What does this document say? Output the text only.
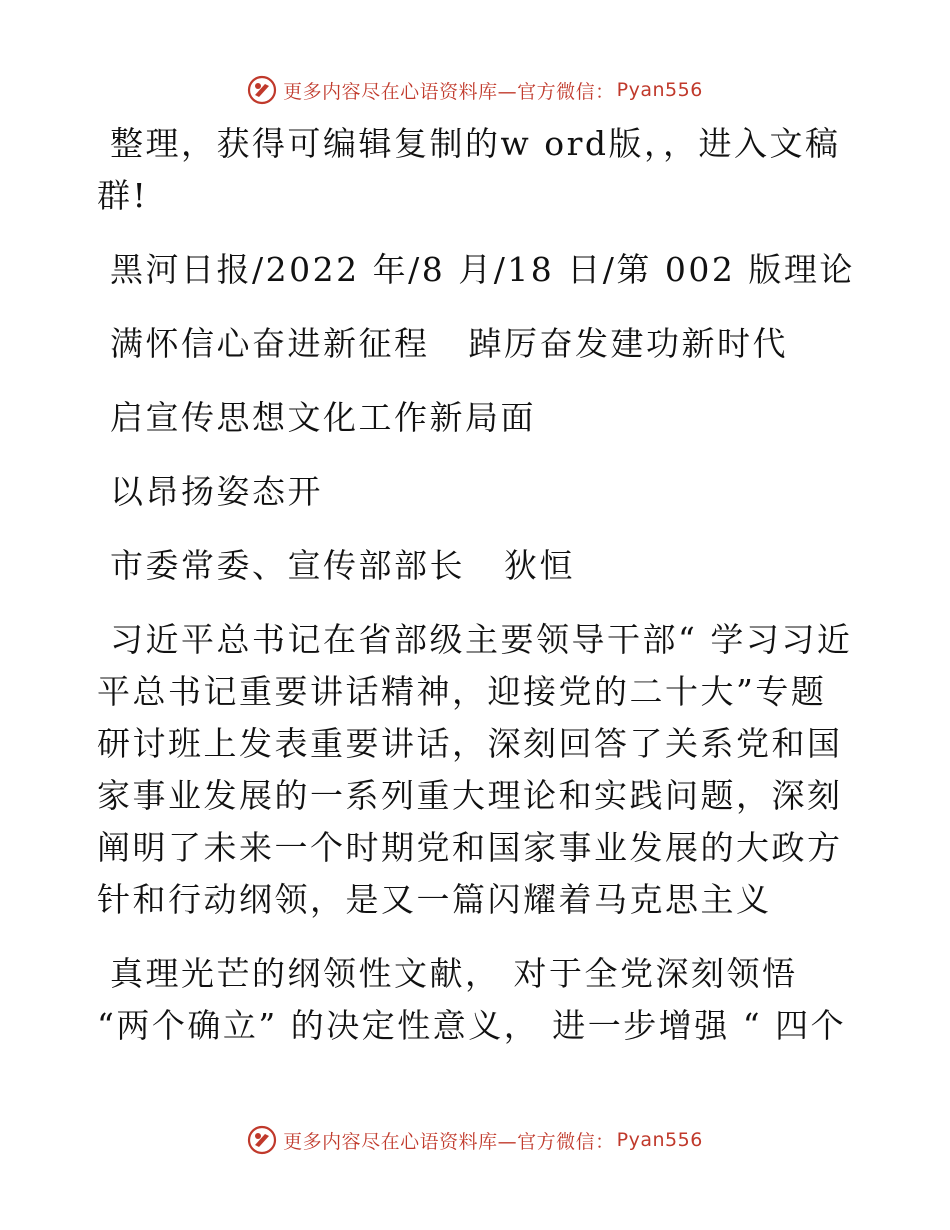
更多内容尽在心语资料库—官方微信： Pyan556

整理，获得可编辑复制的w ord版，，进入文稿群!

黑河日报/2022 年/8 月/18 日/第 002 版理论

满怀信心奋进新征程   踔厉奋发建功新时代

启宣传思想文化工作新局面

以昂扬姿态开

市委常委、宣传部部长   狄恒

习近平总书记在省部级主要领导干部“ 学习习近平总书记重要讲话精神，迎接党的二十大”专题研讨班上发表重要讲话，深刻回答了关系党和国家事业发展的一系列重大理论和实践问题，深刻阐明了未来一个时期党和国家事业发展的大政方针和行动纲领，是又一篇闪耀着马克思主义

真理光芒的纲领性文献， 对于全党深刻领悟 “两个确立” 的决定性意义， 进一步增强 “ 四个

更多内容尽在心语资料库—官方微信： Pyan556
